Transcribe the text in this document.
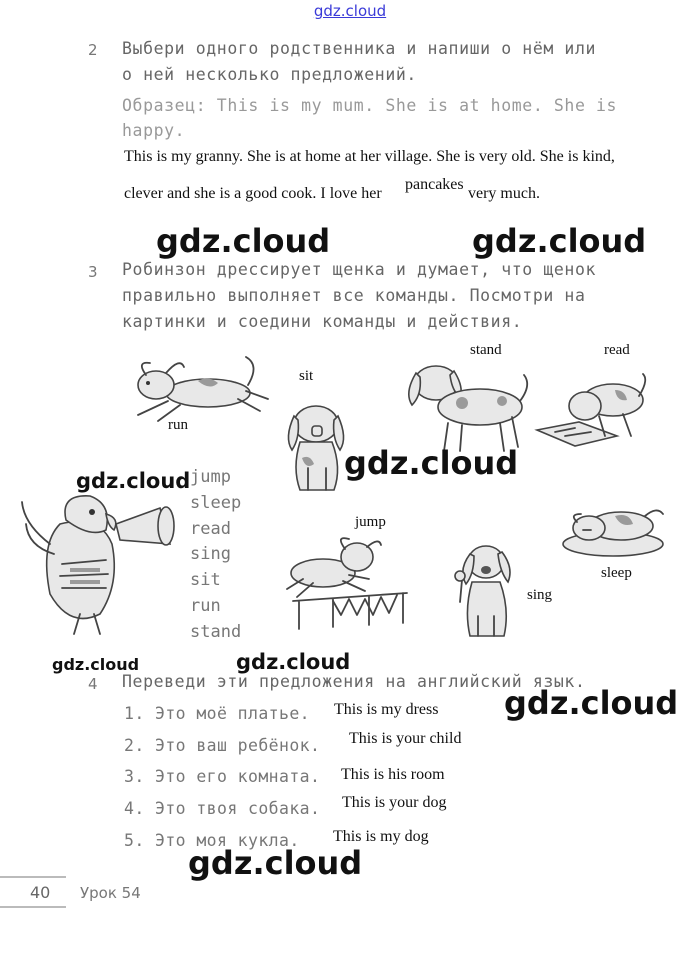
gdz.cloud
2 Выбери одного родственника и напиши о нём или
о ней несколько предложений.
Образец: This is my mum. She is at home. She is
happy.
This is my granny. She is at home at her village. She is very old. She is kind,
clever and she is a good cook. I love her
pancakes
very much.
gdz.cloud	gdz.cloud
3 Робинзон дрессирует щенка и думает, что щенок
правильно выполняет все команды. Посмотри на
картинки и соедини команды и действия.
run
sit
stand	read
gdz.cloud
gdz.cloud jump
sleep
read
sing
sit
run
stand
jump
sing
sleep
gdz.cloud	gdz.cloud
gdz.cloud
4 Переведи эти предложения на английский язык.
1. Это моё платье. This is my dress
2. Это ваш ребёнок. This is your child
3. Это его комната. This is his room
4. Это твоя собака. This is your dog
5. Это моя кукла. This is my dog
gdz.cloud
40 Урок 54
